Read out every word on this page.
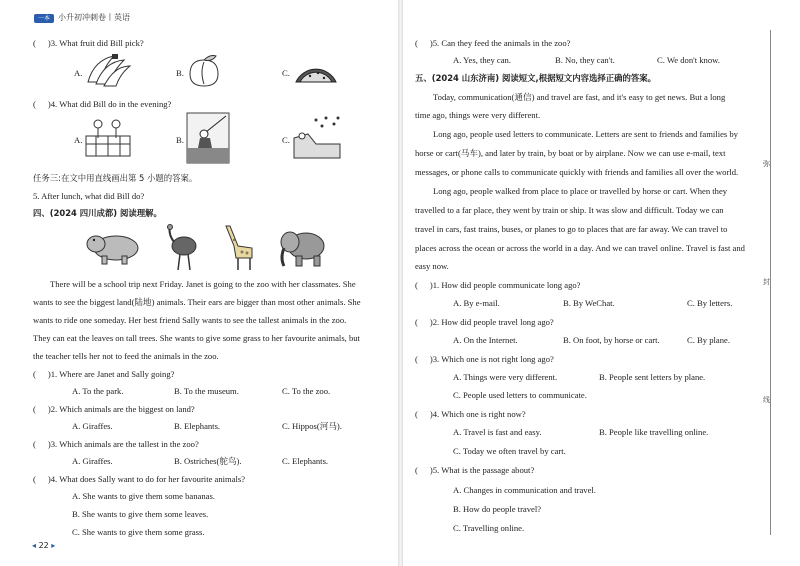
一本	小升初冲刺卷丨英语
( )3. What fruit did Bill pick?
A.	B.	C.
( )4. What did Bill do in the evening?
A.	B.	C.
任务三:在文中用直线画出第 5 小题的答案。
5. After lunch, what did Bill do?
四、(2024 四川成都) 阅读理解。
There will be a school trip next Friday. Janet is going to the zoo with her classmates. She
wants to see the biggest land(陆地) animals. Their ears are bigger than most other animals. She
wants to ride one someday. Her best friend Sally wants to see the tallest animals in the zoo.
They can eat the leaves on tall trees. She wants to give some grass to her favourite animals, but
the teacher tells her not to feed the animals in the zoo.
( )1. Where are Janet and Sally going?
A. To the park.	B. To the museum.	C. To the zoo.
( )2. Which animals are the biggest on land?
A. Giraffes.	B. Elephants.	C. Hippos(河马).
( )3. Which animals are the tallest in the zoo?
A. Giraffes.	B. Ostriches(鸵鸟).	C. Elephants.
( )4. What does Sally want to do for her favourite animals?
A. She wants to give them some bananas.
B. She wants to give them some leaves.
C. She wants to give them some grass.
◂ 22 ▸
( )5. Can they feed the animals in the zoo?
A. Yes, they can.	B. No, they can't.	C. We don't know.
五、(2024 山东济南) 阅读短文,根据短文内容选择正确的答案。
Today, communication(通信) and travel are fast, and it's easy to get news. But a long
time ago, things were very different.
Long ago, people used letters to communicate. Letters are sent to friends and families by
horse or cart(马车), and later by train, by boat or by airplane. Now we can use e-mail, text
messages, or phone calls to communicate quickly with friends and families all over the world.
Long ago, people walked from place to place or travelled by horse or cart. When they
travelled to a far place, they went by train or ship. It was slow and difficult. Today we can
travel in cars, fast trains, buses, or planes to go to places that are far away. We can travel to
places across the ocean or across the world in a day. And we can travel online. Travel is fast and
easy now.
( )1. How did people communicate long ago?
A. By e-mail.	B. By WeChat.	C. By letters.
( )2. How did people travel long ago?
A. On the Internet.	B. On foot, by horse or cart.	C. By plane.
( )3. Which one is not right long ago?
A. Things were very different.	B. People sent letters by plane.
C. People used letters to communicate.
( )4. Which one is right now?
A. Travel is fast and easy.	B. People like travelling online.
C. Today we often travel by cart.
( )5. What is the passage about?
A. Changes in communication and travel.
B. How do people travel?
C. Travelling online.
弥
封
线
